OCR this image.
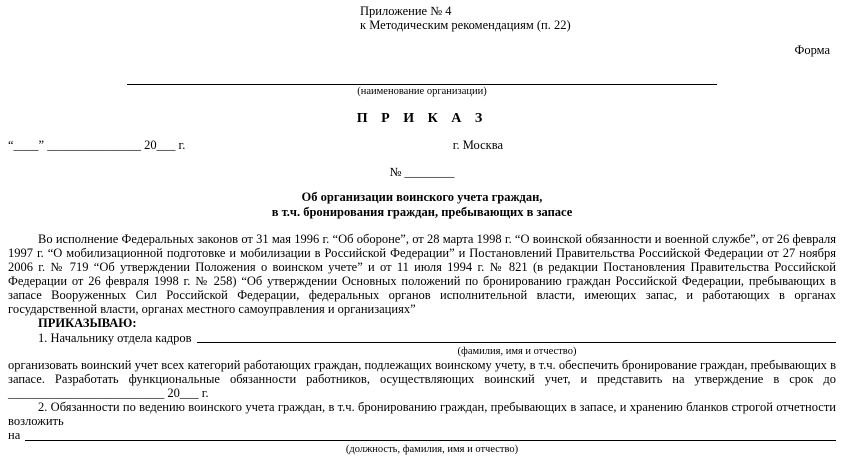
Приложение № 4
к Методическим рекомендациям (п. 22)
Форма
(наименование организации)
П Р И К А З
“____” _______________ 20___ г.	г. Москва
№ ________
Об организации воинского учета граждан,
в т.ч. бронирования граждан, пребывающих в запасе
Во исполнение Федеральных законов от 31 мая 1996 г. “Об обороне”, от 28 марта 1998 г. “О воинской обязанности и военной службе”, от 26 февраля 1997 г. “О мобилизационной подготовке и мобилизации в Российской Федерации” и Постановлений Правительства Российской Федерации от 27 ноября 2006 г. № 719 “Об утверждении Положения о воинском учете” и от 11 июля 1994 г. № 821 (в редакции Постановления Правительства Российской Федерации от 26 февраля 1998 г. № 258) “Об утверждении Основных положений по бронированию граждан Российской Федерации, пребывающих в запасе Вооруженных Сил Российской Федерации, федеральных органов исполнительной власти, имеющих запас, и работающих в органах государственной власти, органах местного самоуправления и организациях”
ПРИКАЗЫВАЮ:
1. Начальнику отдела кадров
(фамилия, имя и отчество)
организовать воинский учет всех категорий работающих граждан, подлежащих воинскому учету, в т.ч. обеспечить бронирование граждан, пребывающих в запасе. Разработать функциональные обязанности работников, осуществляющих воинский учет, и представить на утверждение в срок до _________________________ 20___ г.
2. Обязанности по ведению воинского учета граждан, в т.ч. бронированию граждан, пребывающих в запасе, и хранению бланков строгой отчетности возложить
на
(должность, фамилия, имя и отчество)
